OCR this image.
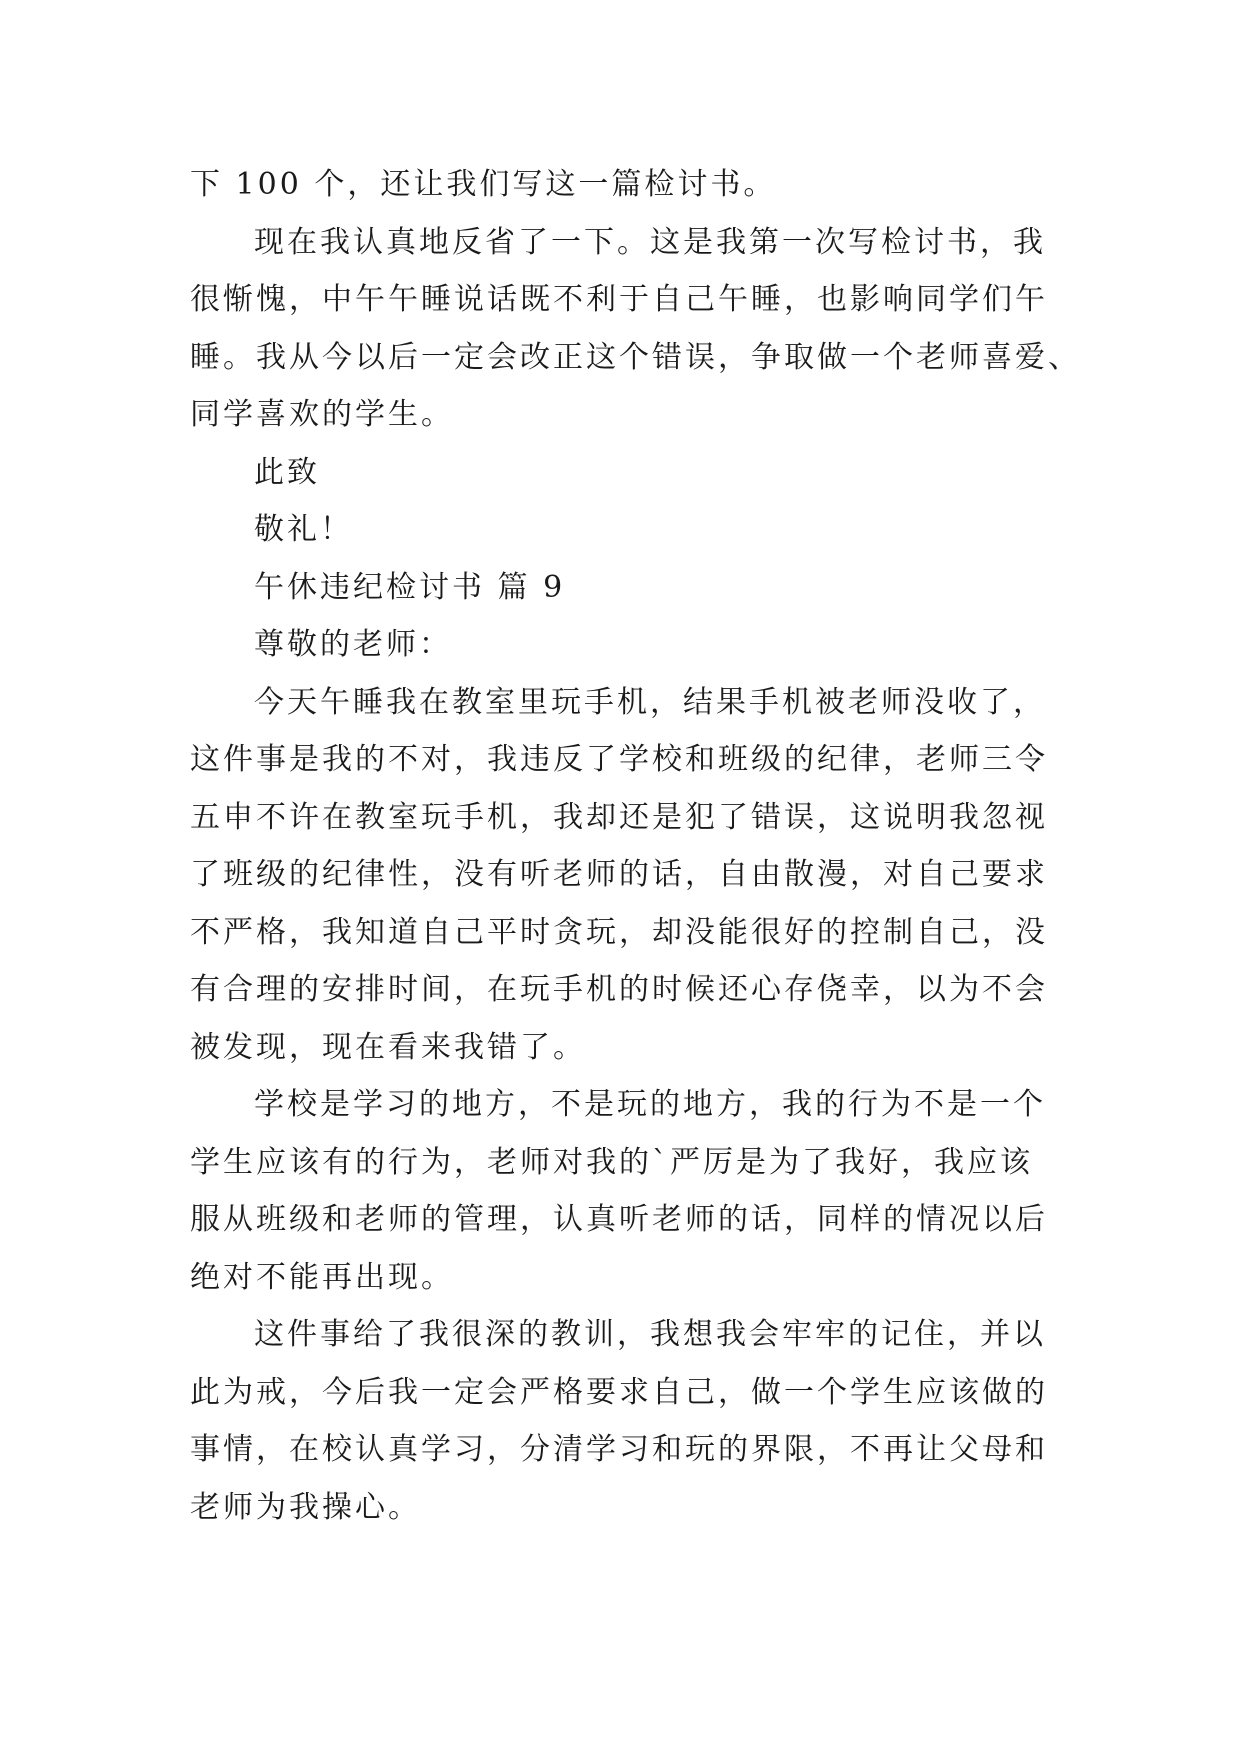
下 100 个，还让我们写这一篇检讨书。
现在我认真地反省了一下。这是我第一次写检讨书，我
很惭愧，中午午睡说话既不利于自己午睡，也影响同学们午
睡。我从今以后一定会改正这个错误，争取做一个老师喜爱、
同学喜欢的学生。
此致
敬礼！
午休违纪检讨书 篇 9
尊敬的老师：
今天午睡我在教室里玩手机，结果手机被老师没收了，
这件事是我的不对，我违反了学校和班级的纪律，老师三令
五申不许在教室玩手机，我却还是犯了错误，这说明我忽视
了班级的纪律性，没有听老师的话，自由散漫，对自己要求
不严格，我知道自己平时贪玩，却没能很好的控制自己，没
有合理的安排时间，在玩手机的时候还心存侥幸，以为不会
被发现，现在看来我错了。
学校是学习的地方，不是玩的地方，我的行为不是一个
学生应该有的行为，老师对我的`严厉是为了我好，我应该
服从班级和老师的管理，认真听老师的话，同样的情况以后
绝对不能再出现。
这件事给了我很深的教训，我想我会牢牢的记住，并以
此为戒，今后我一定会严格要求自己，做一个学生应该做的
事情，在校认真学习，分清学习和玩的界限，不再让父母和
老师为我操心。
